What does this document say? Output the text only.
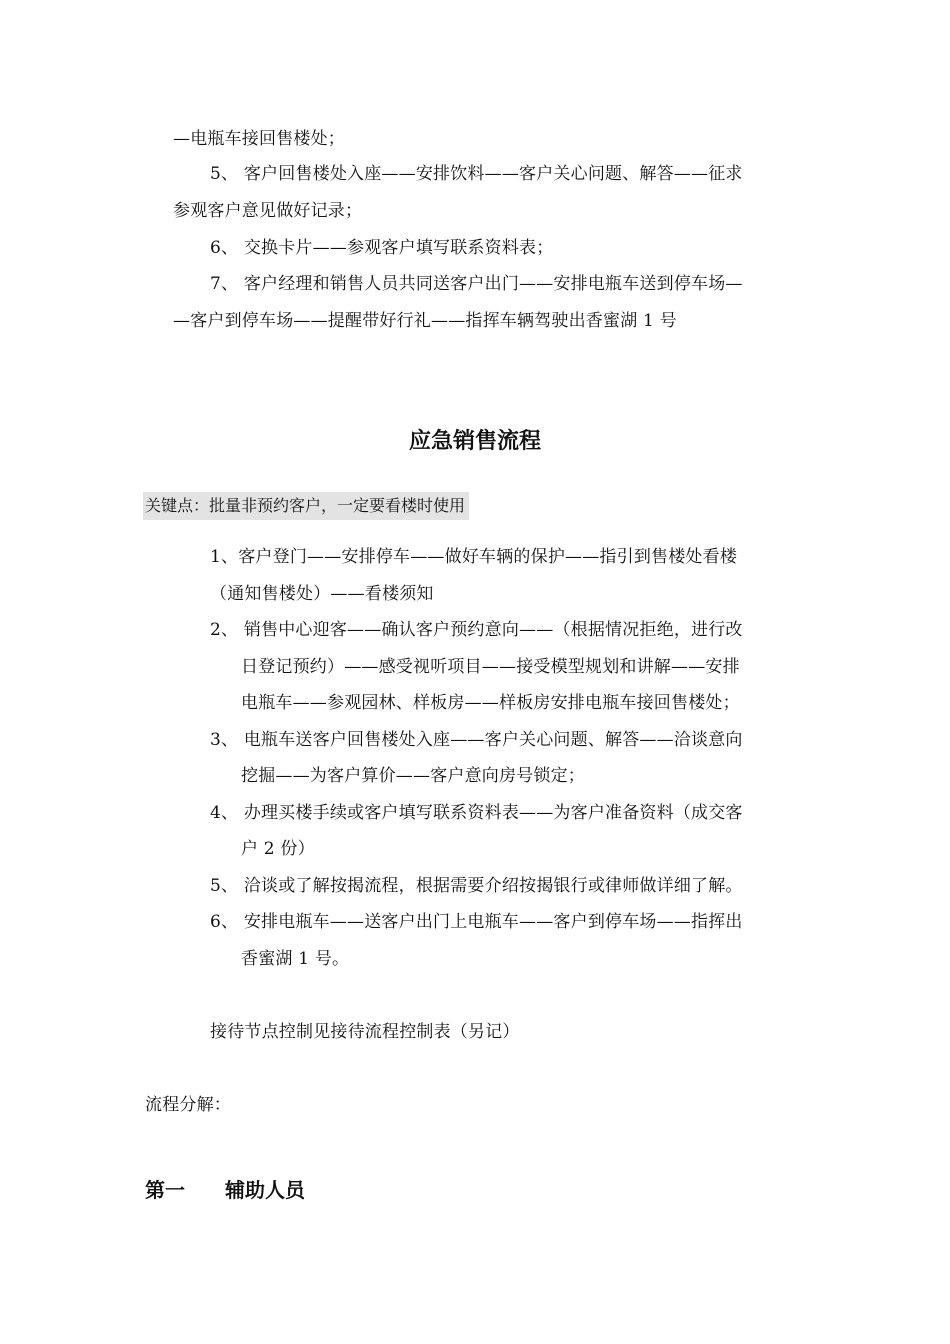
—电瓶车接回售楼处；
5、 客户回售楼处入座——安排饮料——客户关心问题、解答——征求
参观客户意见做好记录；
6、 交换卡片——参观客户填写联系资料表；
7、 客户经理和销售人员共同送客户出门——安排电瓶车送到停车场—
—客户到停车场——提醒带好行礼——指挥车辆驾驶出香蜜湖 1 号
应急销售流程
关键点：批量非预约客户，一定要看楼时使用
1、客户登门——安排停车——做好车辆的保护——指引到售楼处看楼
（通知售楼处）——看楼须知
2、 销售中心迎客——确认客户预约意向——（根据情况拒绝，进行改
日登记预约）——感受视听项目——接受模型规划和讲解——安排
电瓶车——参观园林、样板房——样板房安排电瓶车接回售楼处；
3、 电瓶车送客户回售楼处入座——客户关心问题、解答——洽谈意向
挖掘——为客户算价——客户意向房号锁定；
4、 办理买楼手续或客户填写联系资料表——为客户准备资料（成交客
户 2 份）
5、 洽谈或了解按揭流程，根据需要介绍按揭银行或律师做详细了解。
6、 安排电瓶车——送客户出门上电瓶车——客户到停车场——指挥出
香蜜湖 1 号。
接待节点控制见接待流程控制表（另记）
流程分解：
第一 辅助人员
